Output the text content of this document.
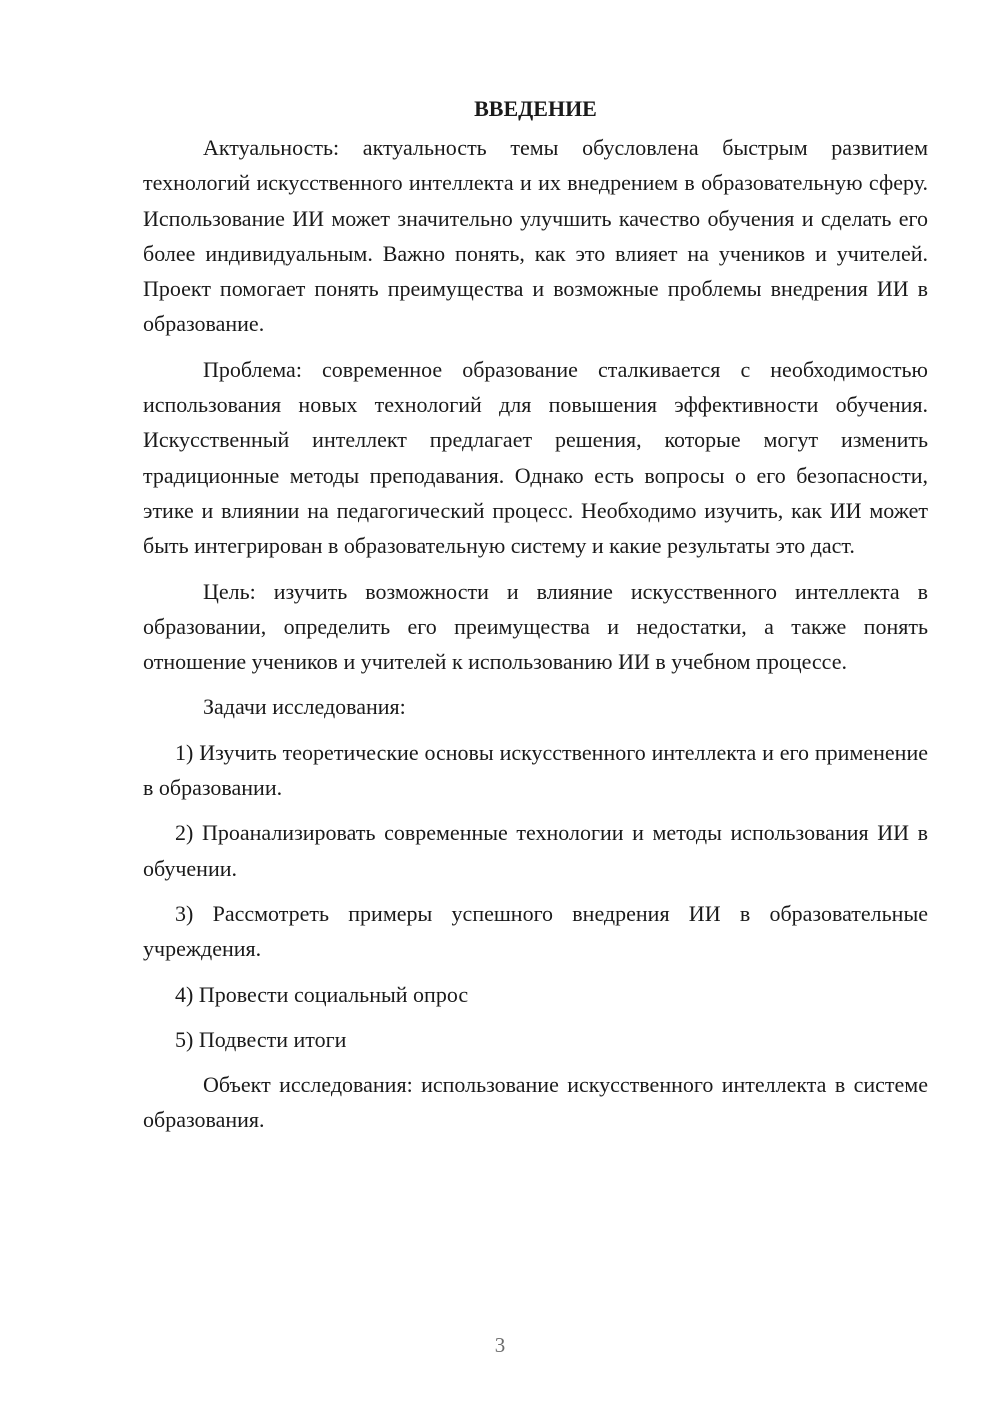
ВВЕДЕНИЕ

Актуальность: актуальность темы обусловлена быстрым развитием технологий искусственного интеллекта и их внедрением в образовательную сферу. Использование ИИ может значительно улучшить качество обучения и сделать его более индивидуальным. Важно понять, как это влияет на учеников и учителей. Проект помогает понять преимущества и возможные проблемы внедрения ИИ в образование.

Проблема: современное образование сталкивается с необходимостью использования новых технологий для повышения эффективности обучения. Искусственный интеллект предлагает решения, которые могут изменить традиционные методы преподавания. Однако есть вопросы о его безопасности, этике и влиянии на педагогический процесс. Необходимо изучить, как ИИ может быть интегрирован в образовательную систему и какие результаты это даст.

Цель: изучить возможности и влияние искусственного интеллекта в образовании, определить его преимущества и недостатки, а также понять отношение учеников и учителей к использованию ИИ в учебном процессе.

Задачи исследования:

1) Изучить теоретические основы искусственного интеллекта и его применение в образовании.

2) Проанализировать современные технологии и методы использования ИИ в обучении.

3) Рассмотреть примеры успешного внедрения ИИ в образовательные учреждения.

4) Провести социальный опрос

5) Подвести итоги

Объект исследования: использование искусственного интеллекта в системе образования.

3
